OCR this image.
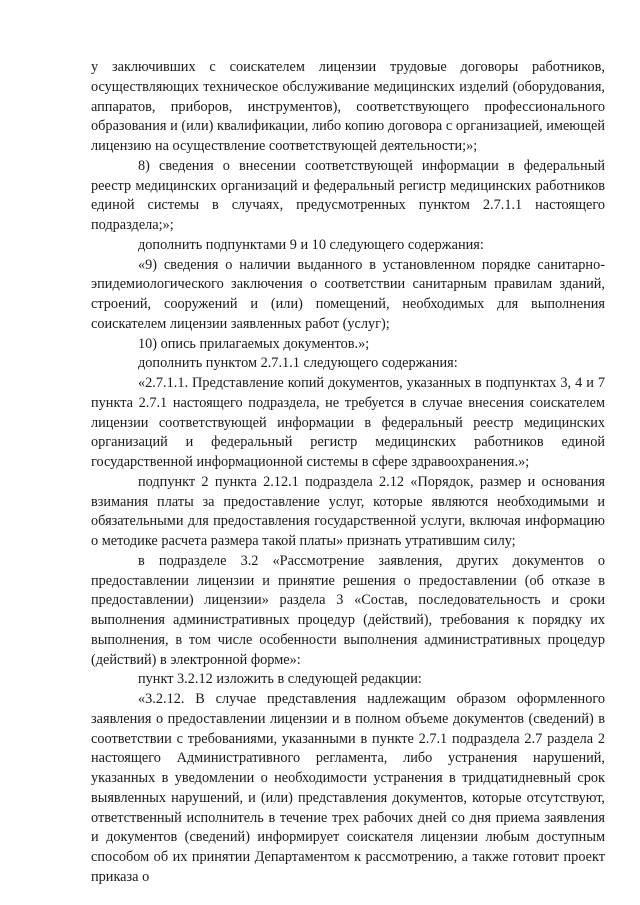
у заключивших с соискателем лицензии трудовые договоры работников, осуществляющих техническое обслуживание медицинских изделий (оборудования, аппаратов, приборов, инструментов), соответствующего профессионального образования и (или) квалификации, либо копию договора с организацией, имеющей лицензию на осуществление соответствующей деятельности;»;

8) сведения о внесении соответствующей информации в федеральный реестр медицинских организаций и федеральный регистр медицинских работников единой системы в случаях, предусмотренных пунктом 2.7.1.1 настоящего подраздела;»;

дополнить подпунктами 9 и 10 следующего содержания:

«9) сведения о наличии выданного в установленном порядке санитарно-эпидемиологического заключения о соответствии санитарным правилам зданий, строений, сооружений и (или) помещений, необходимых для выполнения соискателем лицензии заявленных работ (услуг);

10) опись прилагаемых документов.»;

дополнить пунктом 2.7.1.1 следующего содержания:

«2.7.1.1. Представление копий документов, указанных в подпунктах 3, 4 и 7 пункта 2.7.1 настоящего подраздела, не требуется в случае внесения соискателем лицензии соответствующей информации в федеральный реестр медицинских организаций и федеральный регистр медицинских работников единой государственной информационной системы в сфере здравоохранения.»;

подпункт 2 пункта 2.12.1 подраздела 2.12 «Порядок, размер и основания взимания платы за предоставление услуг, которые являются необходимыми и обязательными для предоставления государственной услуги, включая информацию о методике расчета размера такой платы» признать утратившим силу;

в подразделе 3.2 «Рассмотрение заявления, других документов о предоставлении лицензии и принятие решения о предоставлении (об отказе в предоставлении) лицензии» раздела 3 «Состав, последовательность и сроки выполнения административных процедур (действий), требования к порядку их выполнения, в том числе особенности выполнения административных процедур (действий) в электронной форме»:

пункт 3.2.12 изложить в следующей редакции:

«3.2.12. В случае представления надлежащим образом оформленного заявления о предоставлении лицензии и в полном объеме документов (сведений) в соответствии с требованиями, указанными в пункте 2.7.1 подраздела 2.7 раздела 2 настоящего Административного регламента, либо устранения нарушений, указанных в уведомлении о необходимости устранения в тридцатидневный срок выявленных нарушений, и (или) представления документов, которые отсутствуют, ответственный исполнитель в течение трех рабочих дней со дня приема заявления и документов (сведений) информирует соискателя лицензии любым доступным способом об их принятии Департаментом к рассмотрению, а также готовит проект приказа о
